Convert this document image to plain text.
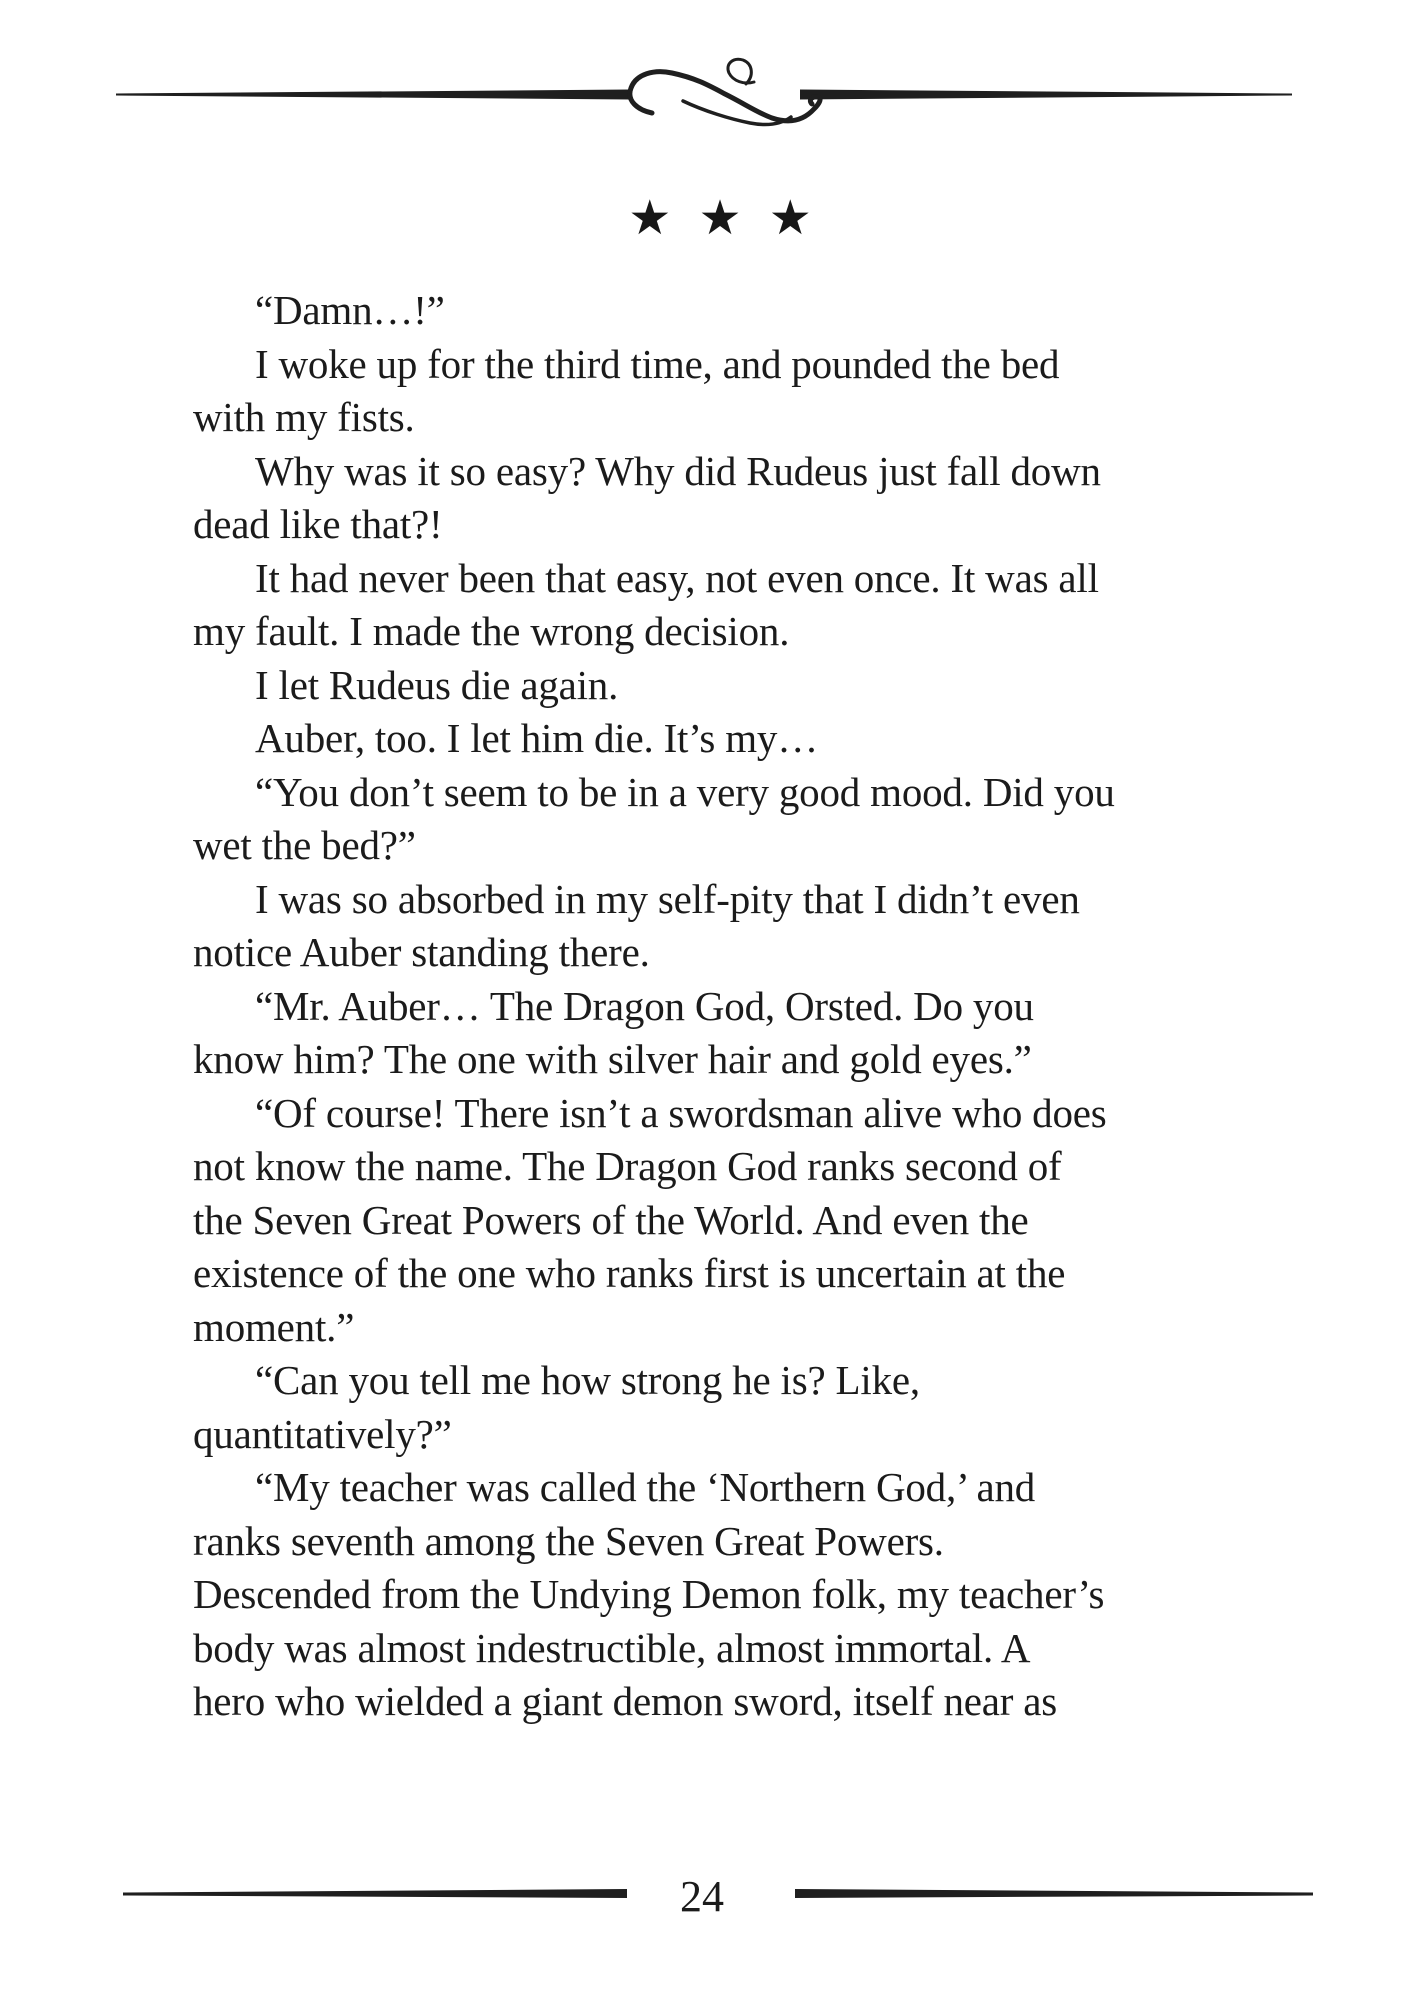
★ ★ ★
“Damn…!”
I woke up for the third time, and pounded the bed
with my fists.
Why was it so easy? Why did Rudeus just fall down
dead like that?!
It had never been that easy, not even once. It was all
my fault. I made the wrong decision.
I let Rudeus die again.
Auber, too. I let him die. It’s my…
“You don’t seem to be in a very good mood. Did you
wet the bed?”
I was so absorbed in my self-pity that I didn’t even
notice Auber standing there.
“Mr. Auber… The Dragon God, Orsted. Do you
know him? The one with silver hair and gold eyes.”
“Of course! There isn’t a swordsman alive who does
not know the name. The Dragon God ranks second of
the Seven Great Powers of the World. And even the
existence of the one who ranks first is uncertain at the
moment.”
“Can you tell me how strong he is? Like,
quantitatively?”
“My teacher was called the ‘Northern God,’ and
ranks seventh among the Seven Great Powers.
Descended from the Undying Demon folk, my teacher’s
body was almost indestructible, almost immortal. A
hero who wielded a giant demon sword, itself near as
24
